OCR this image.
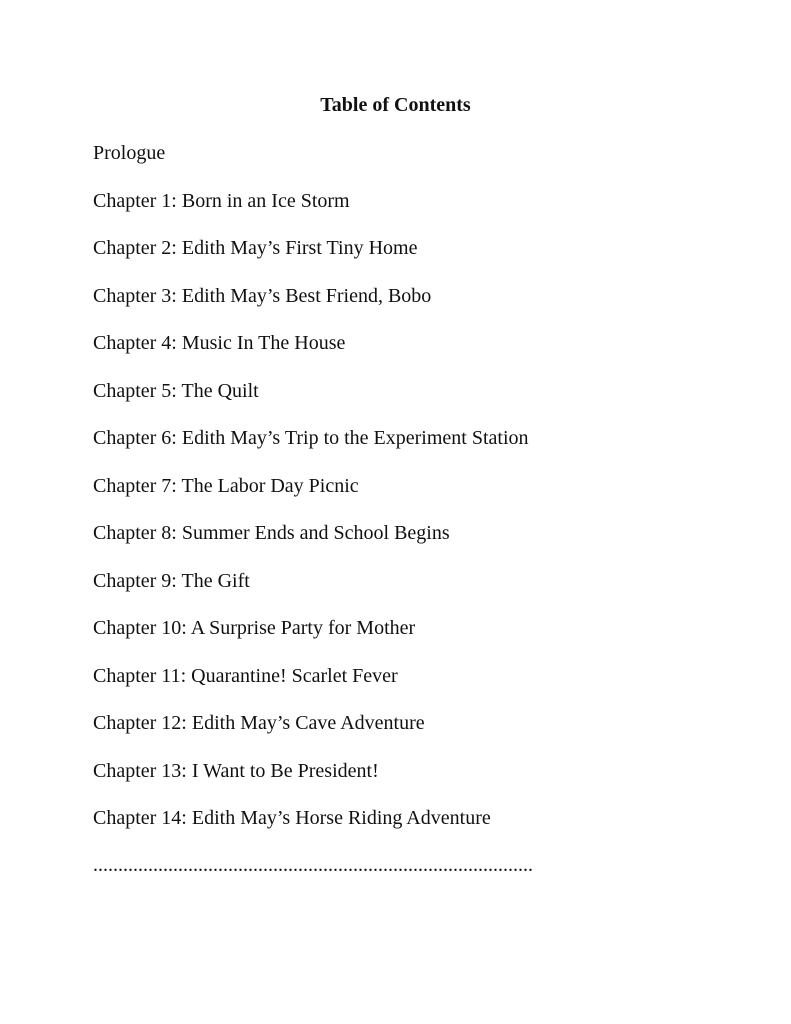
Table of Contents
Prologue
Chapter 1: Born in an Ice Storm
Chapter 2: Edith May’s First Tiny Home
Chapter 3: Edith May’s Best Friend, Bobo
Chapter 4: Music In The House
Chapter 5: The Quilt
Chapter 6: Edith May’s Trip to the Experiment Station
Chapter 7: The Labor Day Picnic
Chapter 8: Summer Ends and School Begins
Chapter 9: The Gift
Chapter 10: A Surprise Party for Mother
Chapter 11: Quarantine! Scarlet Fever
Chapter 12: Edith May’s Cave Adventure
Chapter 13: I Want to Be President!
Chapter 14: Edith May’s Horse Riding Adventure
........................................................................................
